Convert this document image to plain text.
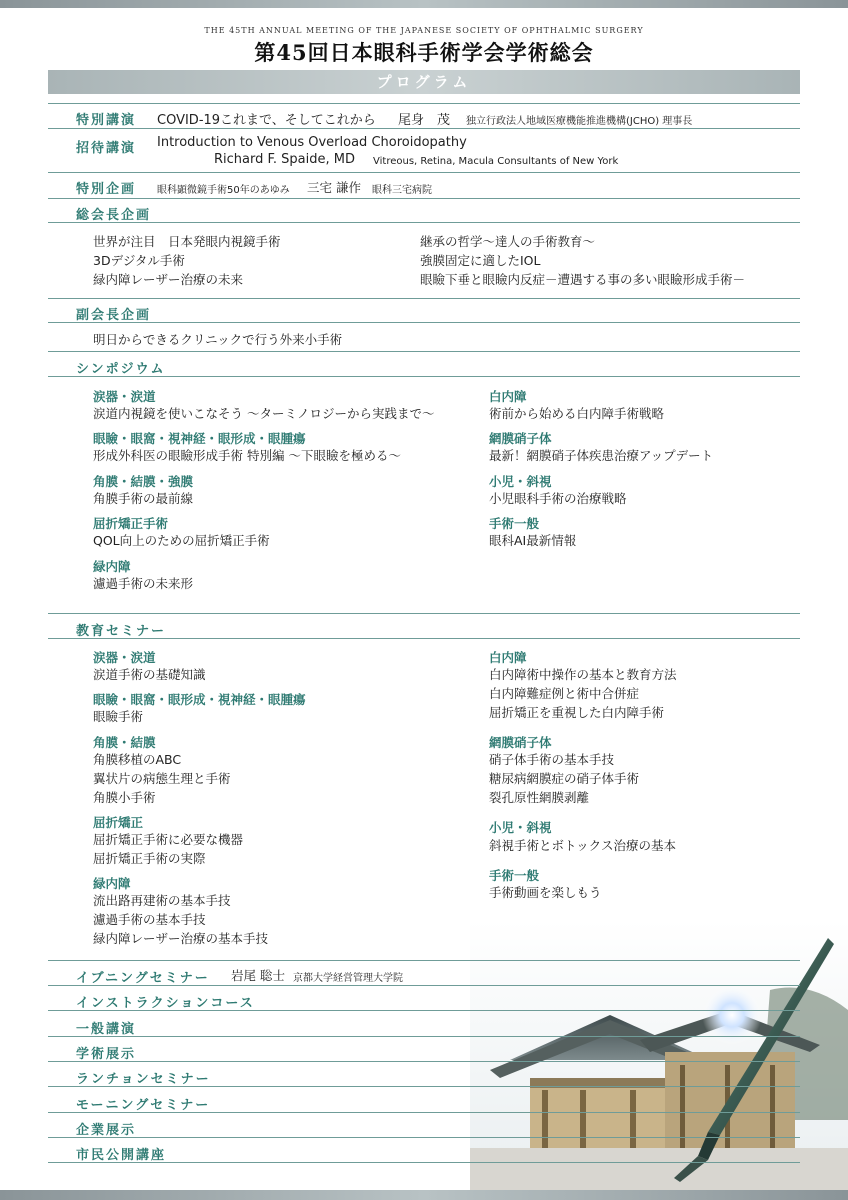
THE 45TH ANNUAL MEETING OF THE JAPANESE SOCIETY OF OPHTHALMIC SURGERY
第45回日本眼科手術学会学術総会
プログラム
特別講演 COVID-19これまで、そしてこれから 尾身　茂 独立行政法人地域医療機能推進機構(JCHO) 理事長
招待講演 Introduction to Venous Overload Choroidopathy
Richard F. Spaide, MD Vitreous, Retina, Macula Consultants of New York
特別企画 眼科顕微鏡手術50年のあゆみ 三宅 謙作 眼科三宅病院
総会長企画
世界が注目　日本発眼内視鏡手術
3Dデジタル手術
緑内障レーザー治療の未来
継承の哲学～達人の手術教育～
強膜固定に適したIOL
眼瞼下垂と眼瞼内反症－遭遇する事の多い眼瞼形成手術－
副会長企画
明日からできるクリニックで行う外来小手術
シンポジウム
涙器・涙道
涙道内視鏡を使いこなそう ～ターミノロジーから実践まで～
眼瞼・眼窩・視神経・眼形成・眼腫瘍
形成外科医の眼瞼形成手術 特別編 ～下眼瞼を極める～
角膜・結膜・強膜
角膜手術の最前線
屈折矯正手術
QOL向上のための屈折矯正手術
緑内障
濾過手術の未来形
白内障
術前から始める白内障手術戦略
網膜硝子体
最新！網膜硝子体疾患治療アップデート
小児・斜視
小児眼科手術の治療戦略
手術一般
眼科AI最新情報
教育セミナー
涙器・涙道
涙道手術の基礎知識
眼瞼・眼窩・眼形成・視神経・眼腫瘍
眼瞼手術
角膜・結膜
角膜移植のABC
翼状片の病態生理と手術
角膜小手術
屈折矯正
屈折矯正手術に必要な機器
屈折矯正手術の実際
緑内障
流出路再建術の基本手技
濾過手術の基本手技
緑内障レーザー治療の基本手技
白内障
白内障術中操作の基本と教育方法
白内障難症例と術中合併症
屈折矯正を重視した白内障手術
網膜硝子体
硝子体手術の基本手技
糖尿病網膜症の硝子体手術
裂孔原性網膜剥離
小児・斜視
斜視手術とボトックス治療の基本
手術一般
手術動画を楽しもう
イブニングセミナー 岩尾 聡士 京都大学経営管理大学院
インストラクションコース
一般講演
学術展示
ランチョンセミナー
モーニングセミナー
企業展示
市民公開講座
